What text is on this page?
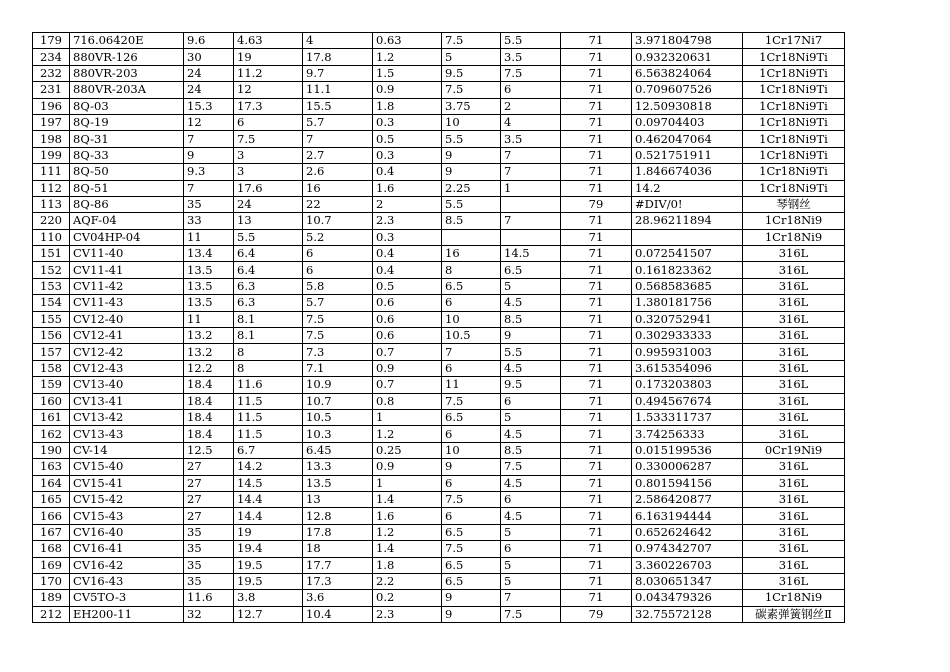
179	716.06420E	9.6	4.63	4	0.63	7.5	5.5	71	3.971804798	1Cr17Ni7
234	880VR-126	30	19	17.8	1.2	5	3.5	71	0.932320631	1Cr18Ni9Ti
232	880VR-203	24	11.2	9.7	1.5	9.5	7.5	71	6.563824064	1Cr18Ni9Ti
231	880VR-203A	24	12	11.1	0.9	7.5	6	71	0.709607526	1Cr18Ni9Ti
196	8Q-03	15.3	17.3	15.5	1.8	3.75	2	71	12.50930818	1Cr18Ni9Ti
197	8Q-19	12	6	5.7	0.3	10	4	71	0.09704403	1Cr18Ni9Ti
198	8Q-31	7	7.5	7	0.5	5.5	3.5	71	0.462047064	1Cr18Ni9Ti
199	8Q-33	9	3	2.7	0.3	9	7	71	0.521751911	1Cr18Ni9Ti
111	8Q-50	9.3	3	2.6	0.4	9	7	71	1.846674036	1Cr18Ni9Ti
112	8Q-51	7	17.6	16	1.6	2.25	1	71	14.2	1Cr18Ni9Ti
113	8Q-86	35	24	22	2	5.5		79	#DIV/0!	琴钢丝
220	AQF-04	33	13	10.7	2.3	8.5	7	71	28.96211894	1Cr18Ni9
110	CV04HP-04	11	5.5	5.2	0.3			71		1Cr18Ni9
151	CV11-40	13.4	6.4	6	0.4	16	14.5	71	0.072541507	316L
152	CV11-41	13.5	6.4	6	0.4	8	6.5	71	0.161823362	316L
153	CV11-42	13.5	6.3	5.8	0.5	6.5	5	71	0.568583685	316L
154	CV11-43	13.5	6.3	5.7	0.6	6	4.5	71	1.380181756	316L
155	CV12-40	11	8.1	7.5	0.6	10	8.5	71	0.320752941	316L
156	CV12-41	13.2	8.1	7.5	0.6	10.5	9	71	0.302933333	316L
157	CV12-42	13.2	8	7.3	0.7	7	5.5	71	0.995931003	316L
158	CV12-43	12.2	8	7.1	0.9	6	4.5	71	3.615354096	316L
159	CV13-40	18.4	11.6	10.9	0.7	11	9.5	71	0.173203803	316L
160	CV13-41	18.4	11.5	10.7	0.8	7.5	6	71	0.494567674	316L
161	CV13-42	18.4	11.5	10.5	1	6.5	5	71	1.533311737	316L
162	CV13-43	18.4	11.5	10.3	1.2	6	4.5	71	3.74256333	316L
190	CV-14	12.5	6.7	6.45	0.25	10	8.5	71	0.015199536	0Cr19Ni9
163	CV15-40	27	14.2	13.3	0.9	9	7.5	71	0.330006287	316L
164	CV15-41	27	14.5	13.5	1	6	4.5	71	0.801594156	316L
165	CV15-42	27	14.4	13	1.4	7.5	6	71	2.586420877	316L
166	CV15-43	27	14.4	12.8	1.6	6	4.5	71	6.163194444	316L
167	CV16-40	35	19	17.8	1.2	6.5	5	71	0.652624642	316L
168	CV16-41	35	19.4	18	1.4	7.5	6	71	0.974342707	316L
169	CV16-42	35	19.5	17.7	1.8	6.5	5	71	3.360226703	316L
170	CV16-43	35	19.5	17.3	2.2	6.5	5	71	8.030651347	316L
189	CV5TO-3	11.6	3.8	3.6	0.2	9	7	71	0.043479326	1Cr18Ni9
212	EH200-11	32	12.7	10.4	2.3	9	7.5	79	32.75572128	碳素弹簧钢丝Ⅱ
